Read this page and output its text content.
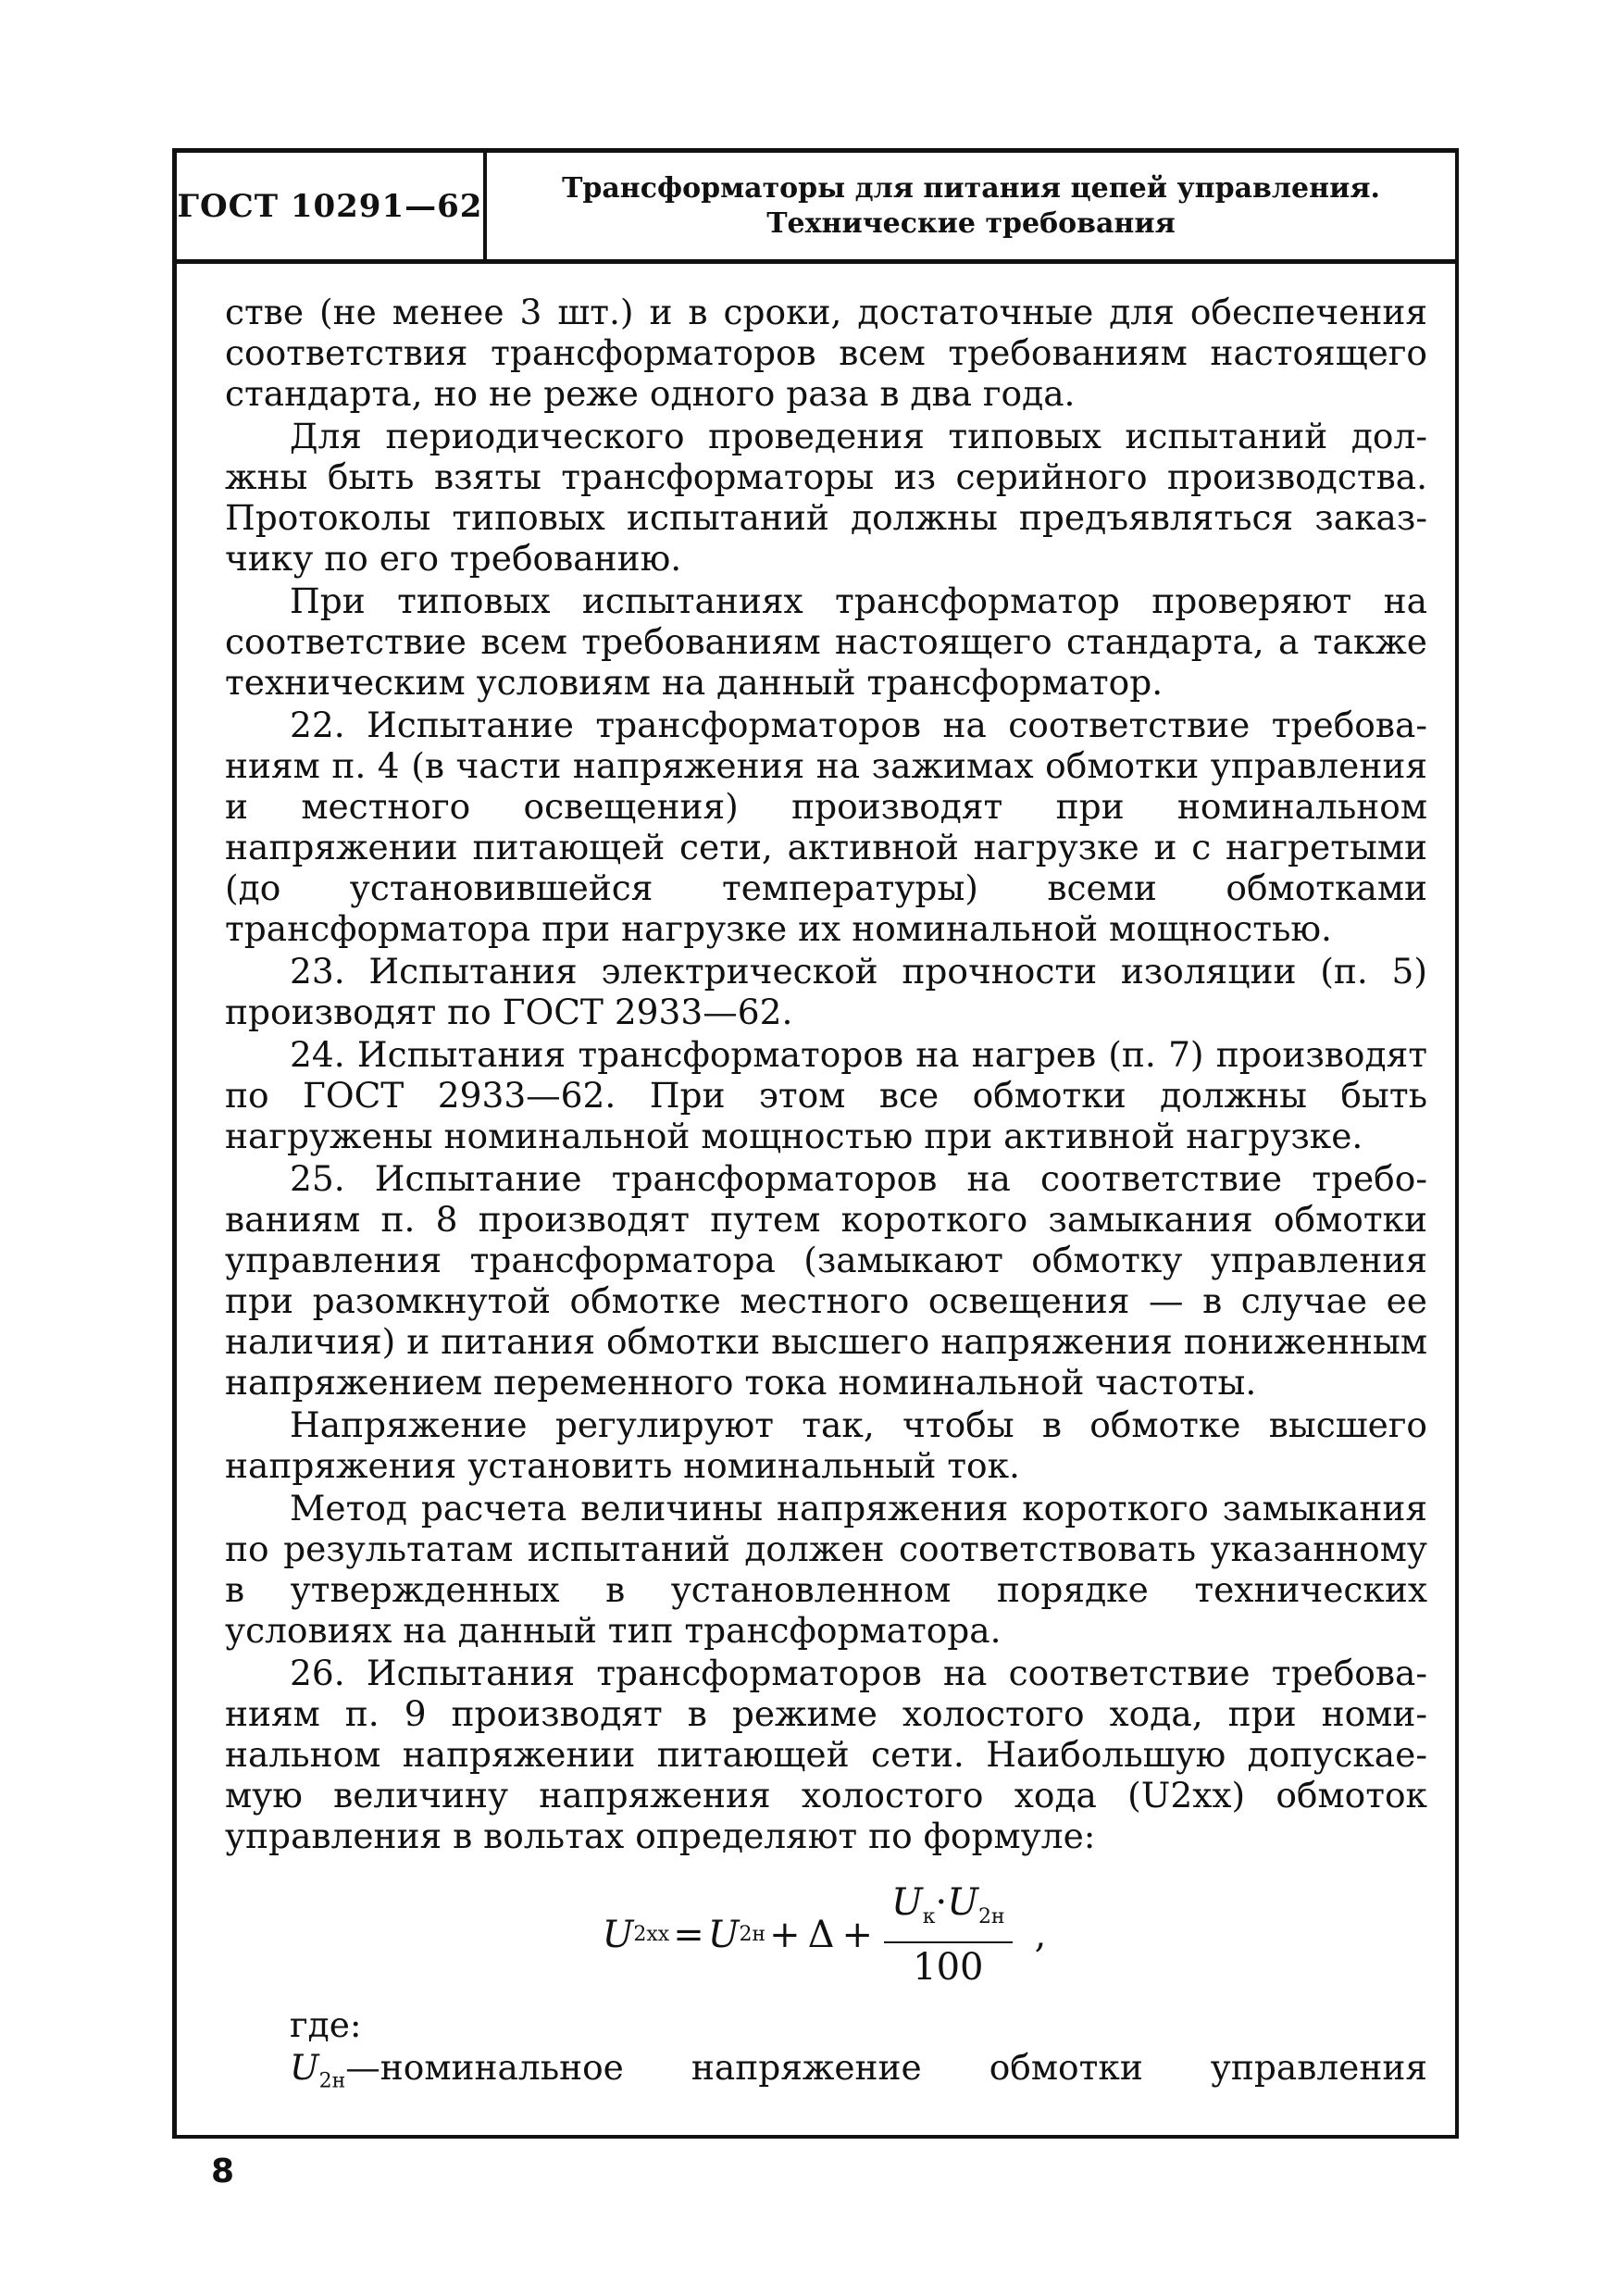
ГОСТ 10291—62	Трансформаторы для питания цепей управления.
Технические требования

стве (не менее 3 шт.) и в сроки, достаточные для обеспечения соответствия трансформаторов всем требованиям настоящего стандарта, но не реже одного раза в два года.

Для периодического проведения типовых испытаний должны быть взяты трансформаторы из серийного производства. Протоколы типовых испытаний должны предъявляться заказчику по его требованию.

При типовых испытаниях трансформатор проверяют на соответствие всем требованиям настоящего стандарта, а также техническим условиям на данный трансформатор.

22. Испытание трансформаторов на соответствие требованиям п. 4 (в части напряжения на зажимах обмотки управления и местного освещения) производят при номинальном напряжении питающей сети, активной нагрузке и с нагретыми (до установившейся температуры) всеми обмотками трансформатора при нагрузке их номинальной мощностью.

23. Испытания электрической прочности изоляции (п. 5) производят по ГОСТ 2933—62.

24. Испытания трансформаторов на нагрев (п. 7) производят по ГОСТ 2933—62. При этом все обмотки должны быть нагружены номинальной мощностью при активной нагрузке.

25. Испытание трансформаторов на соответствие требованиям п. 8 производят путем короткого замыкания обмотки управления трансформатора (замыкают обмотку управления при разомкнутой обмотке местного освещения — в случае ее наличия) и питания обмотки высшего напряжения пониженным напряжением переменного тока номинальной частоты.

Напряжение регулируют так, чтобы в обмотке высшего напряжения установить номинальный ток.

Метод расчета величины напряжения короткого замыкания по результатам испытаний должен соответствовать указанному в утвержденных в установленном порядке технических условиях на данный тип трансформатора.

26. Испытания трансформаторов на соответствие требованиям п. 9 производят в режиме холостого хода, при номинальном напряжении питающей сети. Наибольшую допускаемую величину напряжения холостого хода (U2хх) обмоток управления в вольтах определяют по формуле:

U 2хх = U $2н + \Delta + \frac{U_к\cdot U_{2н}}{100}$ ,

где:

$U_{2н}—номинальное$ напряжение обмотки управления
8
